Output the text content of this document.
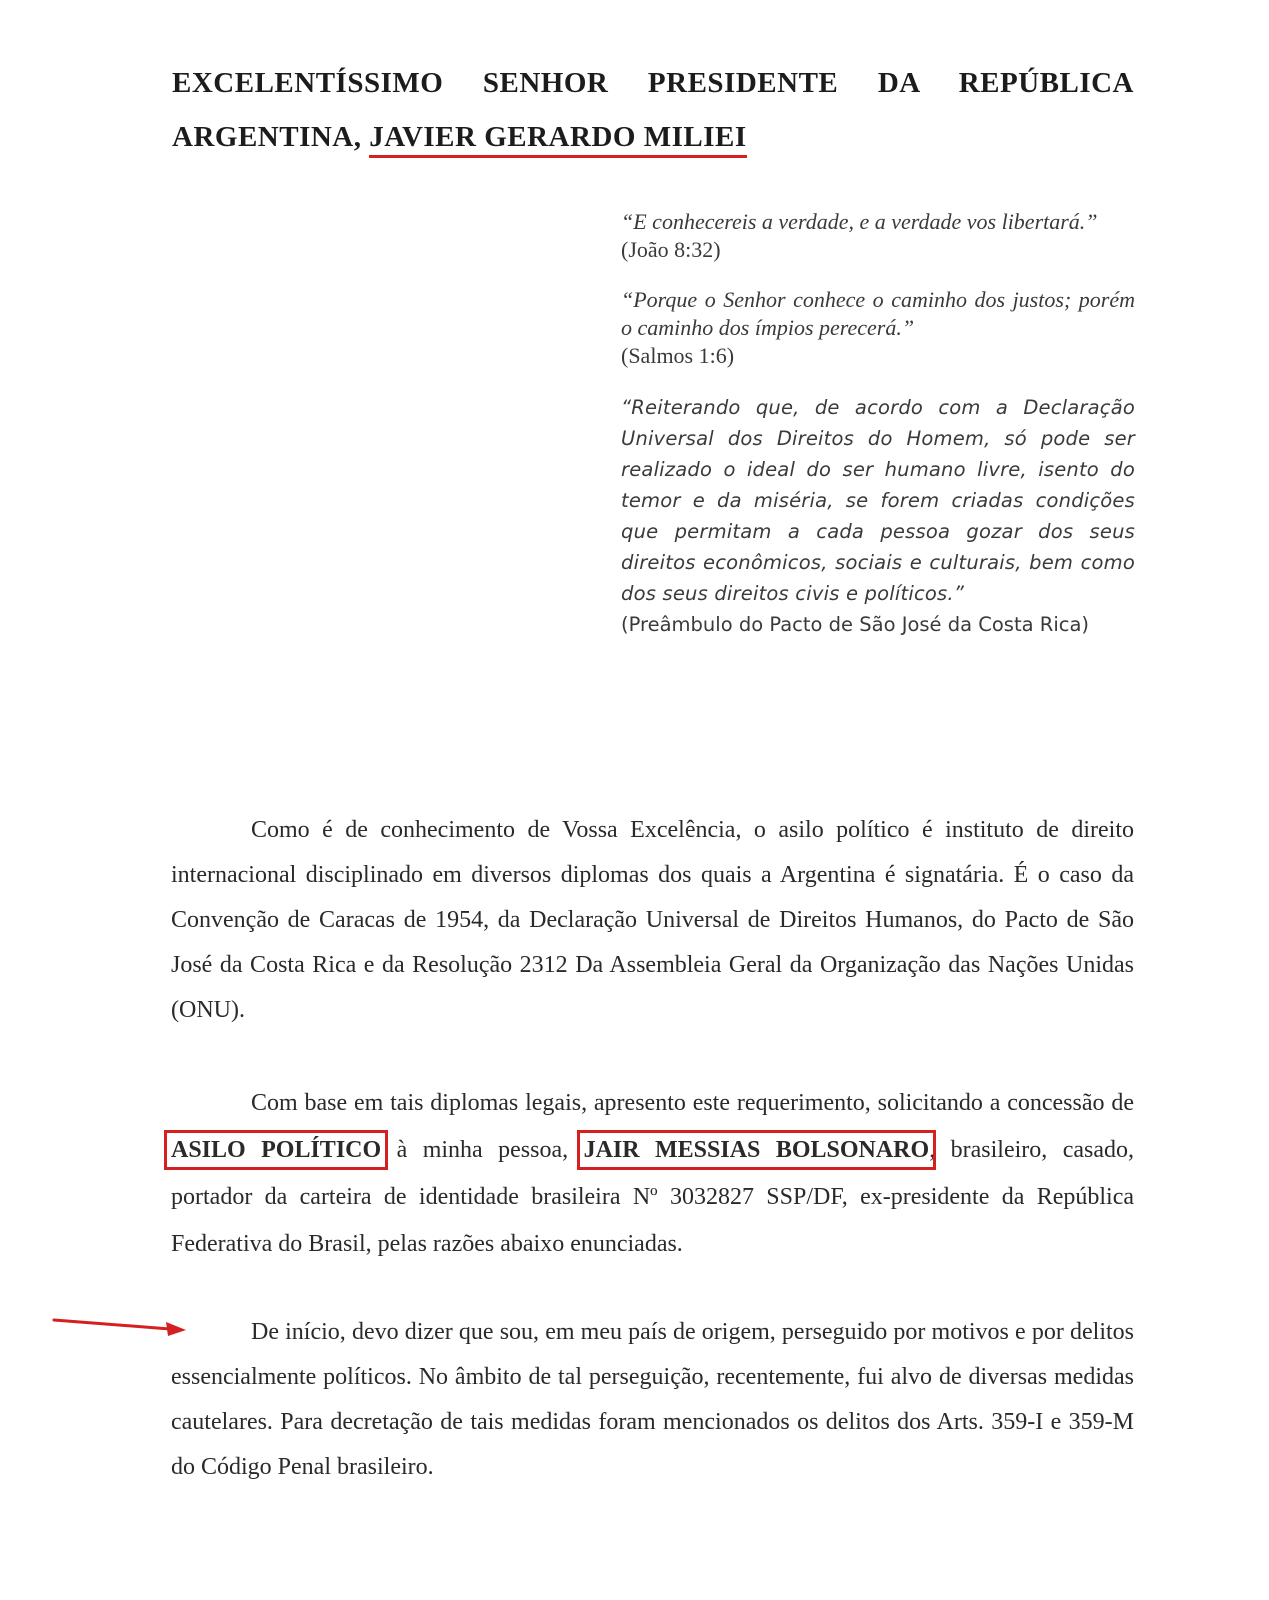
EXCELENTÍSSIMO SENHOR PRESIDENTE DA REPÚBLICA
ARGENTINA, JAVIER GERARDO MILIEI
“E conhecereis a verdade, e a verdade vos libertará.”
(João 8:32)
“Porque o Senhor conhece o caminho dos justos; porém o caminho dos ímpios perecerá.”
(Salmos 1:6)
“Reiterando que, de acordo com a Declaração Universal dos Direitos do Homem, só pode ser realizado o ideal do ser humano livre, isento do temor e da miséria, se forem criadas condições que permitam a cada pessoa gozar dos seus direitos econômicos, sociais e culturais, bem como dos seus direitos civis e políticos.”
(Preâmbulo do Pacto de São José da Costa Rica)

Como é de conhecimento de Vossa Excelência, o asilo político é instituto de direito internacional disciplinado em diversos diplomas dos quais a Argentina é signatária. É o caso da Convenção de Caracas de 1954, da Declaração Universal de Direitos Humanos, do Pacto de São José da Costa Rica e da Resolução 2312 Da Assembleia Geral da Organização das Nações Unidas (ONU).

Com base em tais diplomas legais, apresento este requerimento, solicitando a concessão de ASILO POLÍTICO à minha pessoa, JAIR MESSIAS BOLSONARO, brasileiro, casado, portador da carteira de identidade brasileira Nº 3032827 SSP/DF, ex-presidente da República Federativa do Brasil, pelas razões abaixo enunciadas.

De início, devo dizer que sou, em meu país de origem, perseguido por motivos e por delitos essencialmente políticos. No âmbito de tal perseguição, recentemente, fui alvo de diversas medidas cautelares. Para decretação de tais medidas foram mencionados os delitos dos Arts. 359-I e 359-M do Código Penal brasileiro.
